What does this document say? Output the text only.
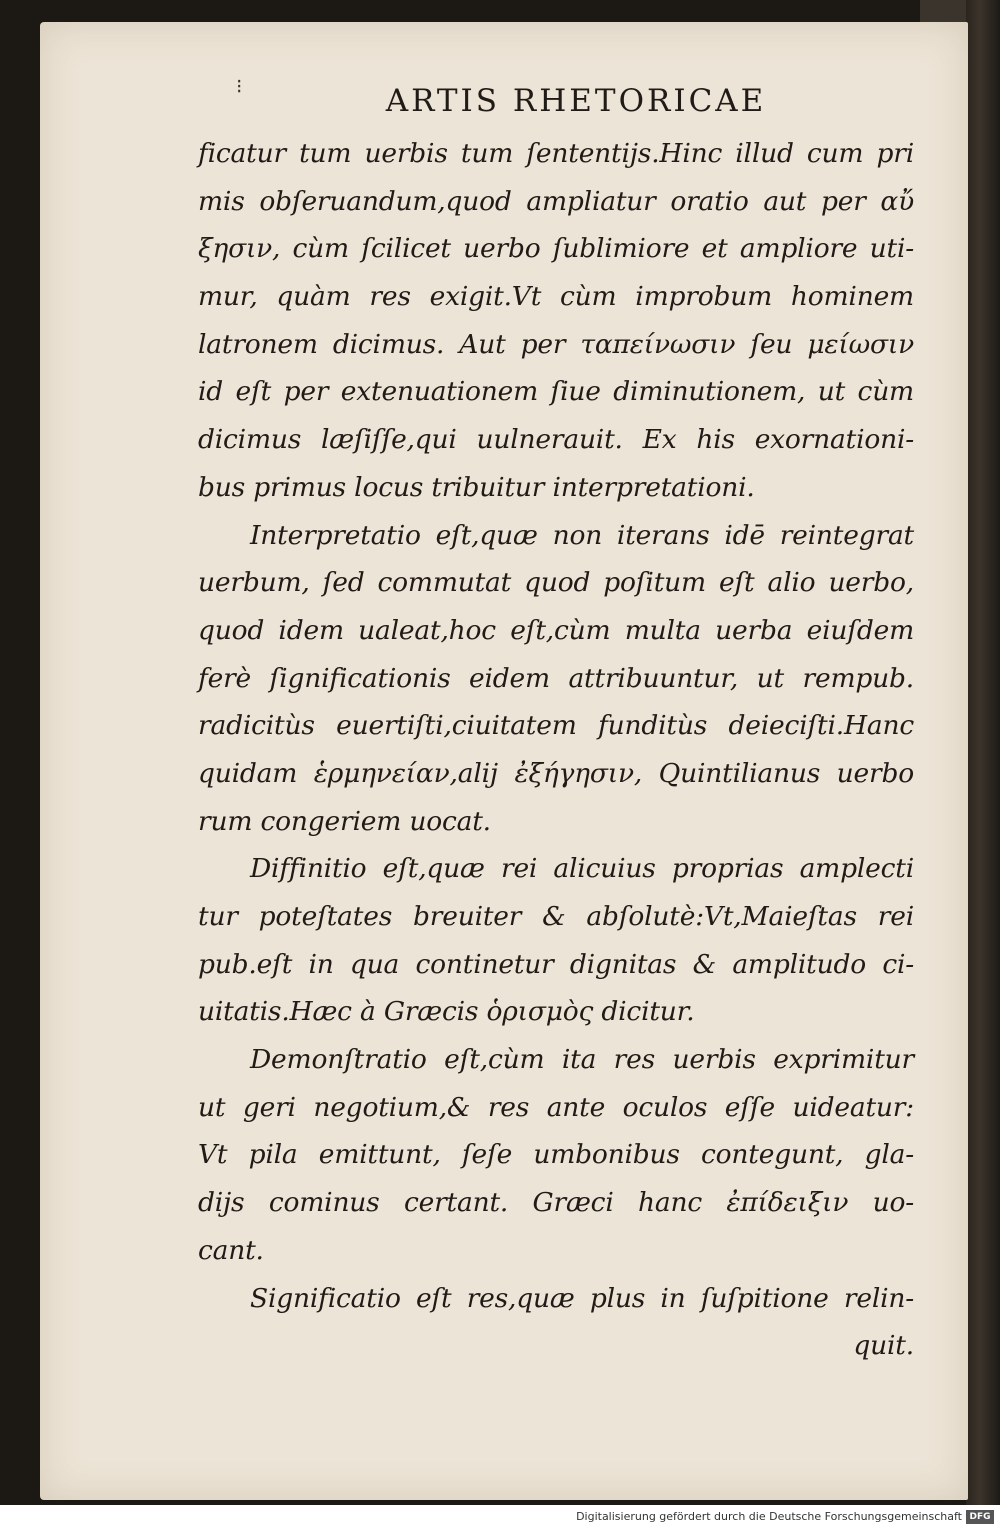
⁝	ARTIS RHETORICAE
ficatur tum uerbis tum ſententijs.Hinc illud cum pri
mis obſeruandum,quod ampliatur oratio aut per αὔ
ξησιν, cùm ſcilicet uerbo ſublimiore et ampliore uti-
mur, quàm res exigit.Vt cùm improbum hominem
latronem dicimus. Aut per ταπείνωσιν ſeu μείωσιν
id eſt per extenuationem ſiue diminutionem, ut cùm
dicimus læſiſſe,qui uulnerauit. Ex his exornationi-
bus primus locus tribuitur interpretationi.
Interpretatio eſt,quæ non iterans idē reintegrat
uerbum, ſed commutat quod poſitum eſt alio uerbo,
quod idem ualeat,hoc eſt,cùm multa uerba eiuſdem
ferè ſignificationis eidem attribuuntur, ut rempub.
radicitùs euertiſti,ciuitatem funditùs deieciſti.Hanc
quidam ἑρμηνείαν,alij ἐξήγησιν, Quintilianus uerbo
rum congeriem uocat.
Diffinitio eſt,quæ rei alicuius proprias amplecti
tur poteſtates breuiter & abſolutè:Vt,Maieſtas rei
pub.eſt in qua continetur dignitas & amplitudo ci-
uitatis.Hæc à Græcis ὁρισμὸς dicitur.
Demonſtratio eſt,cùm ita res uerbis exprimitur
ut geri negotium,& res ante oculos eſſe uideatur:
Vt pila emittunt, ſeſe umbonibus contegunt, gla-
dijs cominus certant. Græci hanc ἐπίδειξιν uo-
cant.
Significatio eſt res,quæ plus in ſuſpitione relin-
quit.
Digitalisierung gefördert durch die Deutsche Forschungsgemeinschaft DFG
